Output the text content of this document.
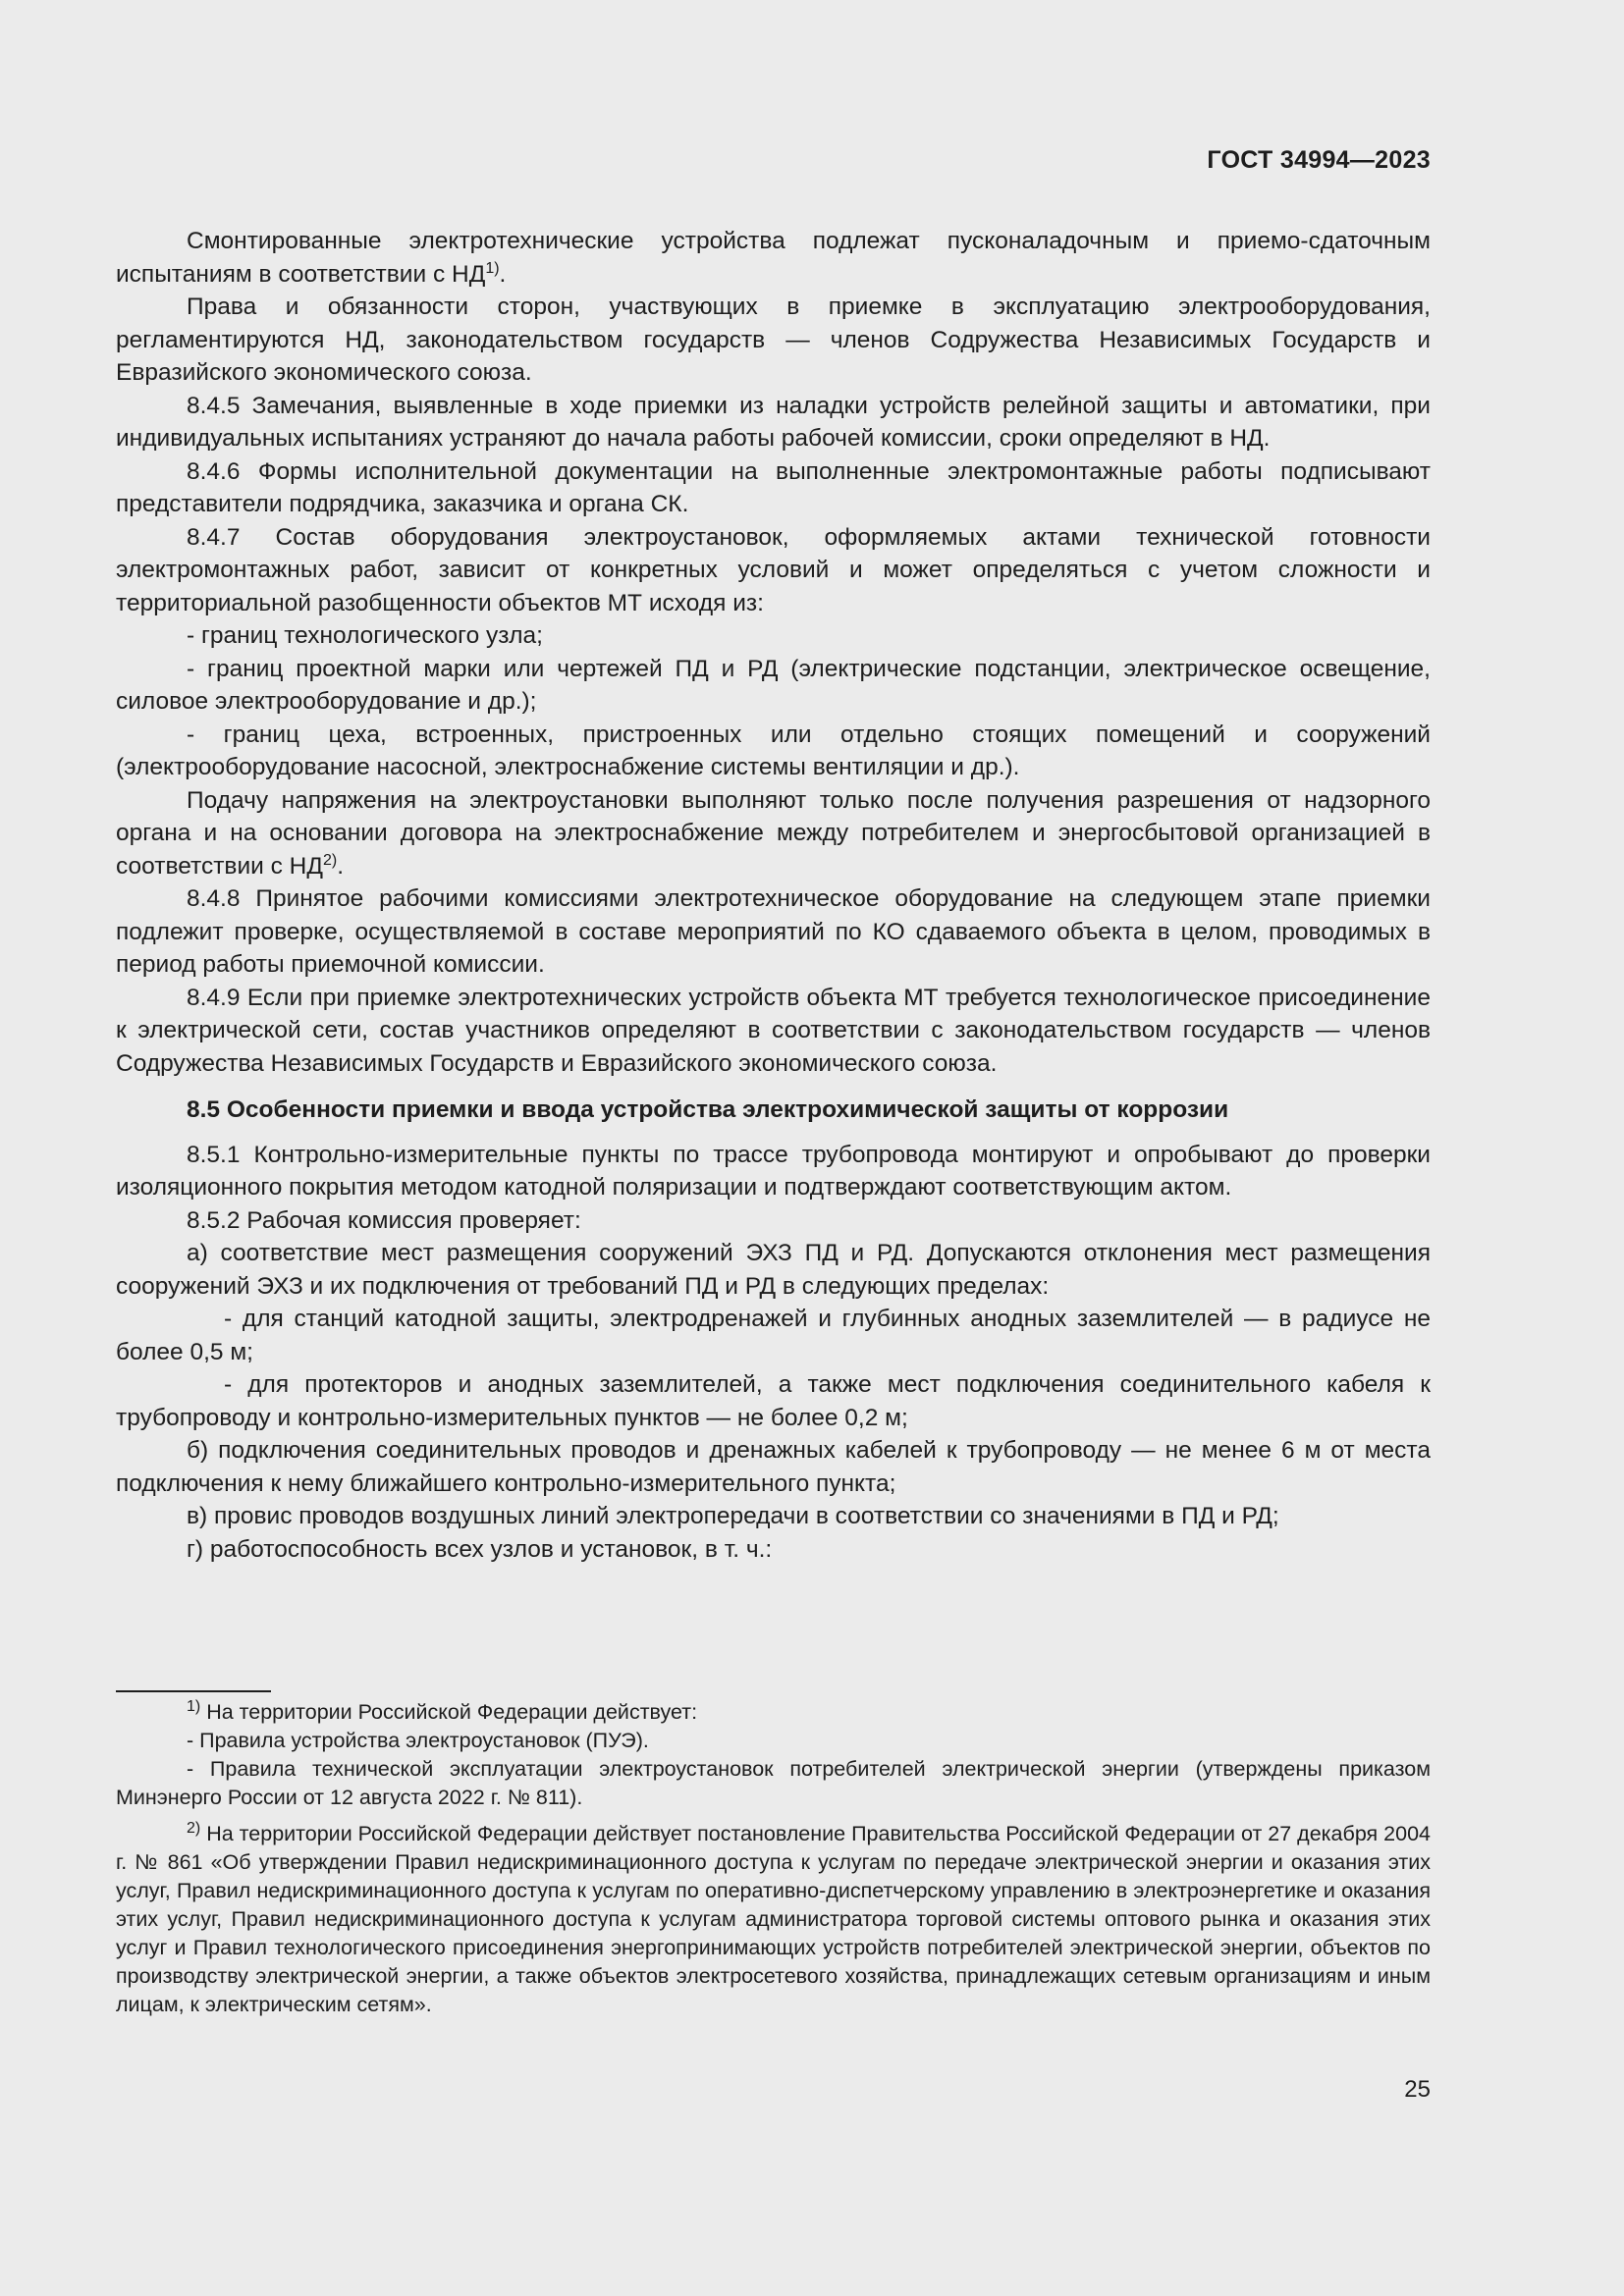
ГОСТ 34994—2023

Смонтированные электротехнические устройства подлежат пусконаладочным и приемо-сдаточным испытаниям в соответствии с НД$^{1)}$.

Права и обязанности сторон, участвующих в приемке в эксплуатацию электрооборудования, регламентируются НД, законодательством государств — членов Содружества Независимых Государств и Евразийского экономического союза.

8.4.5 Замечания, выявленные в ходе приемки из наладки устройств релейной защиты и автоматики, при индивидуальных испытаниях устраняют до начала работы рабочей комиссии, сроки определяют в НД.

8.4.6 Формы исполнительной документации на выполненные электромонтажные работы подписывают представители подрядчика, заказчика и органа СК.

8.4.7 Состав оборудования электроустановок, оформляемых актами технической готовности электромонтажных работ, зависит от конкретных условий и может определяться с учетом сложности и территориальной разобщенности объектов МТ исходя из:

- границ технологического узла;

- границ проектной марки или чертежей ПД и РД (электрические подстанции, электрическое освещение, силовое электрооборудование и др.);

- границ цеха, встроенных, пристроенных или отдельно стоящих помещений и сооружений (электрооборудование насосной, электроснабжение системы вентиляции и др.).

Подачу напряжения на электроустановки выполняют только после получения разрешения от надзорного органа и на основании договора на электроснабжение между потребителем и энергосбытовой организацией в соответствии с НД$^{2)}$.

8.4.8 Принятое рабочими комиссиями электротехническое оборудование на следующем этапе приемки подлежит проверке, осуществляемой в составе мероприятий по КО сдаваемого объекта в целом, проводимых в период работы приемочной комиссии.

8.4.9 Если при приемке электротехнических устройств объекта МТ требуется технологическое присоединение к электрической сети, состав участников определяют в соответствии с законодательством государств — членов Содружества Независимых Государств и Евразийского экономического союза.

8.5 Особенности приемки и ввода устройства электрохимической защиты от коррозии

8.5.1 Контрольно-измерительные пункты по трассе трубопровода монтируют и опробывают до проверки изоляционного покрытия методом катодной поляризации и подтверждают соответствующим актом.

8.5.2 Рабочая комиссия проверяет:

а) соответствие мест размещения сооружений ЭХЗ ПД и РД. Допускаются отклонения мест размещения сооружений ЭХЗ и их подключения от требований ПД и РД в следующих пределах:

- для станций катодной защиты, электродренажей и глубинных анодных заземлителей — в радиусе не более 0,5 м;

- для протекторов и анодных заземлителей, а также мест подключения соединительного кабеля к трубопроводу и контрольно-измерительных пунктов — не более 0,2 м;

б) подключения соединительных проводов и дренажных кабелей к трубопроводу — не менее 6 м от места подключения к нему ближайшего контрольно-измерительного пункта;

в) провис проводов воздушных линий электропередачи в соответствии со значениями в ПД и РД;

г) работоспособность всех узлов и установок, в т. ч.:

$^{1)}$ На территории Российской Федерации действует:

- Правила устройства электроустановок (ПУЭ).

- Правила технической эксплуатации электроустановок потребителей электрической энергии (утверждены приказом Минэнерго России от 12 августа 2022 г. № 811).

$^{2)}$ На территории Российской Федерации действует постановление Правительства Российской Федерации от 27 декабря 2004 г. № 861 «Об утверждении Правил недискриминационного доступа к услугам по передаче электрической энергии и оказания этих услуг, Правил недискриминационного доступа к услугам по оперативно-диспетчерскому управлению в электроэнергетике и оказания этих услуг, Правил недискриминационного доступа к услугам администратора торговой системы оптового рынка и оказания этих услуг и Правил технологического присоединения энергопринимающих устройств потребителей электрической энергии, объектов по производству электрической энергии, а также объектов электросетевого хозяйства, принадлежащих сетевым организациям и иным лицам, к электрическим сетям».

25
